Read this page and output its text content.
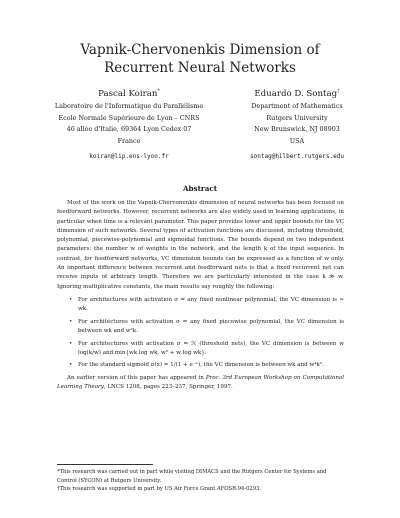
Vapnik-Chervonenkis Dimension of
Recurrent Neural Networks
Pascal Koiran*
Laboratoire de l'Informatique du Parallélisme
Ecole Normale Supérieure de Lyon – CNRS
46 allée d'Italie, 69364 Lyon Cedex 07
France
koiran@lip.ens-lyon.fr
Eduardo D. Sontag†
Department of Mathematics
Rutgers University
New Brunswick, NJ 08903
USA
sontag@hilbert.rutgers.edu
Abstract

Most of the work on the Vapnik-Chervonenkis dimension of neural networks has been focused on feedforward networks. However, recurrent networks are also widely used in learning applications, in particular when time is a relevant parameter. This paper provides lower and upper bounds for the VC dimension of such networks. Several types of activation functions are discussed, including threshold, polynomial, piecewise-polynomial and sigmoidal functions. The bounds depend on two independent parameters: the number w of weights in the network, and the length k of the input sequence. In contrast, for feedforward networks, VC dimension bounds can be expressed as a function of w only. An important difference between recurrent and feedforward nets is that a fixed recurrent net can receive inputs of arbitrary length. Therefore we are particularly interested in the case k ≫ w. Ignoring multiplicative constants, the main results say roughly the following:

• For architectures with activation σ = any fixed nonlinear polynomial, the VC dimension is ≈ wk.
• For architectures with activation σ = any fixed piecewise polynomial, the VC dimension is between wk and w²k.
• For architectures with activation σ = ℋ (threshold nets), the VC dimension is between w log(k/w) and min{wk log wk, w² + w log wk}.
• For the standard sigmoid σ(x) = 1/(1 + e⁻ˣ), the VC dimension is between wk and w⁴k².

An earlier version of this paper has appeared in Proc. 3rd European Workshop on Computational Learning Theory, LNCS 1208, pages 223–237, Springer, 1997.

*This research was carried out in part while visiting DIMACS and the Rutgers Center for Systems and Control (SYCON) at Rutgers University.
†This research was supported in part by US Air Force Grant AFOSR-94-0293.
